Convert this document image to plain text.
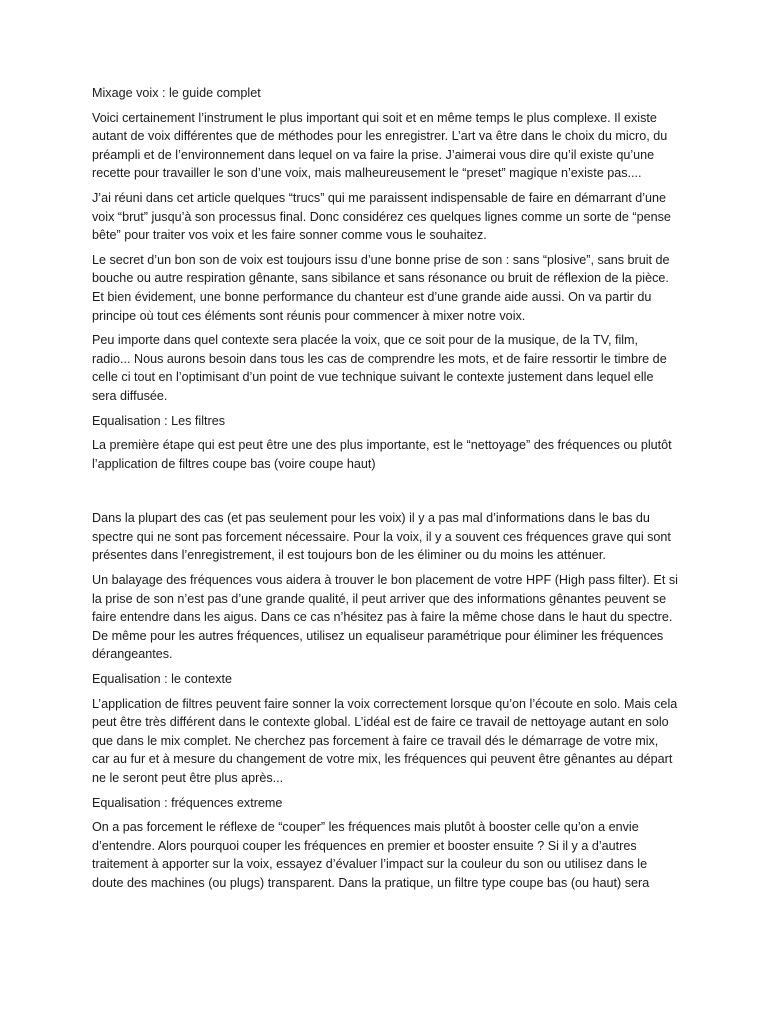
Mixage voix : le guide complet

Voici certainement l’instrument le plus important qui soit et en même temps le plus complexe. Il existe autant de voix différentes que de méthodes pour les enregistrer. L’art va être dans le choix du micro, du préampli et de l’environnement dans lequel on va faire la prise. J’aimerai vous dire qu’il existe qu’une recette pour travailler le son d’une voix, mais malheureusement le “preset” magique n’existe pas....

J’ai réuni dans cet article quelques “trucs” qui me paraissent indispensable de faire en démarrant d’une voix “brut” jusqu’à son processus final. Donc considérez ces quelques lignes comme un sorte de “pense bête” pour traiter vos voix et les faire sonner comme vous le souhaitez.

Le secret d’un bon son de voix est toujours issu d’une bonne prise de son : sans “plosive”, sans bruit de bouche ou autre respiration gênante, sans sibilance et sans résonance ou bruit de réflexion de la pièce. Et bien évidement, une bonne performance du chanteur est d’une grande aide aussi. On va partir du principe où tout ces éléments sont réunis pour commencer à mixer notre voix.

Peu importe dans quel contexte sera placée la voix, que ce soit pour de la musique, de la TV, film, radio... Nous aurons besoin dans tous les cas de comprendre les mots, et de faire ressortir le timbre de celle ci tout en l’optimisant d’un point de vue technique suivant le contexte justement dans lequel elle sera diffusée.

Equalisation : Les filtres

La première étape qui est peut être une des plus importante, est le “nettoyage” des fréquences ou plutôt l’application de filtres coupe bas (voire coupe haut)

Dans la plupart des cas (et pas seulement pour les voix) il y a pas mal d’informations dans le bas du spectre qui ne sont pas forcement nécessaire. Pour la voix, il y a souvent ces fréquences grave qui sont présentes dans l’enregistrement, il est toujours bon de les éliminer ou du moins les atténuer.

Un balayage des fréquences vous aidera à trouver le bon placement de votre HPF (High pass filter). Et si la prise de son n’est pas d’une grande qualité, il peut arriver que des informations gênantes peuvent se faire entendre dans les aigus. Dans ce cas n’hésitez pas à faire la même chose dans le haut du spectre. De même pour les autres fréquences, utilisez un equaliseur paramétrique pour éliminer les fréquences dérangeantes.

Equalisation : le contexte

L’application de filtres peuvent faire sonner la voix correctement lorsque qu’on l’écoute en solo. Mais cela peut être très différent dans le contexte global. L’idéal est de faire ce travail de nettoyage autant en solo que dans le mix complet. Ne cherchez pas forcement à faire ce travail dés le démarrage de votre mix, car au fur et à mesure du changement de votre mix, les fréquences qui peuvent être gênantes au départ ne le seront peut être plus après...

Equalisation : fréquences extreme

On a pas forcement le réflexe de “couper” les fréquences mais plutôt à booster celle qu’on a envie d’entendre. Alors pourquoi couper les fréquences en premier et booster ensuite ? Si il y a d’autres traitement à apporter sur la voix, essayez d’évaluer l’impact sur la couleur du son ou utilisez dans le doute des machines (ou plugs) transparent. Dans la pratique, un filtre type coupe bas (ou haut) sera
